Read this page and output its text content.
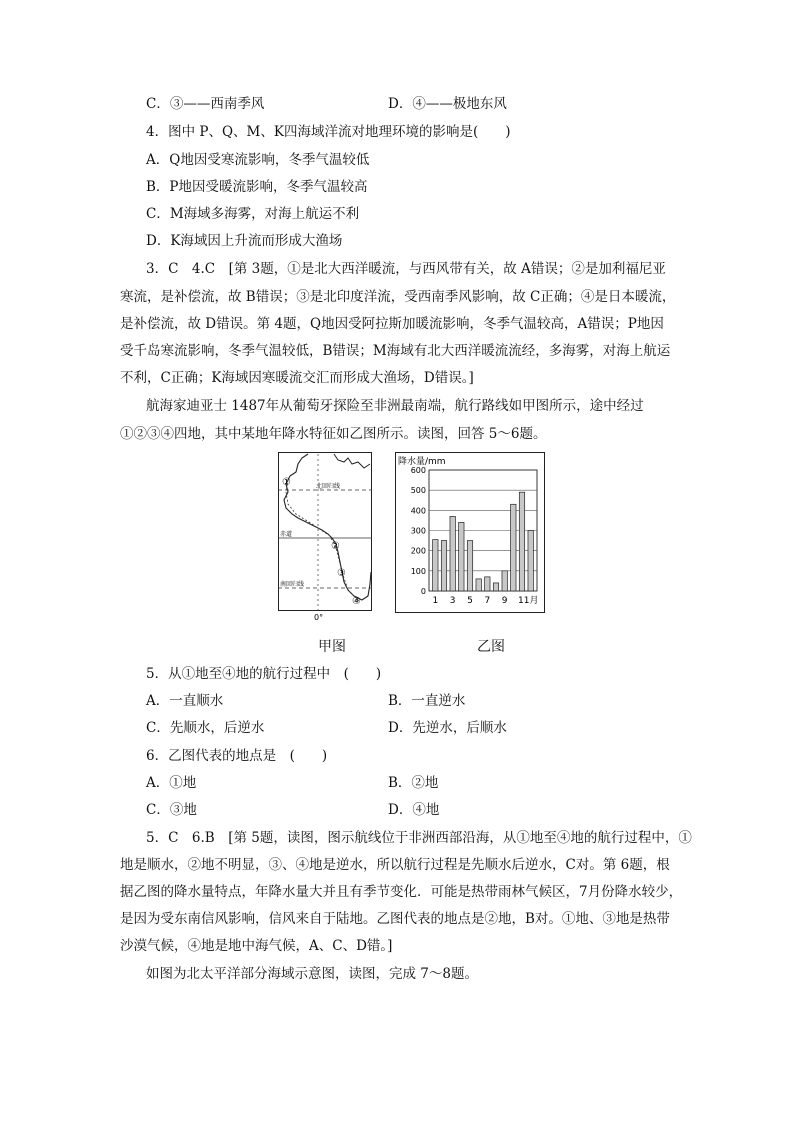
C．③——西南季风	D．④——极地东风
4．图中 P、Q、M、K四海域洋流对地理环境的影响是(　　)
A．Q地因受寒流影响，冬季气温较低
B．P地因受暖流影响，冬季气温较高
C．M海域多海雾，对海上航运不利
D．K海域因上升流而形成大渔场
3．C　4.C　[第 3题，①是北大西洋暖流，与西风带有关，故 A错误；②是加利福尼亚
寒流，是补偿流，故 B错误；③是北印度洋流，受西南季风影响，故 C正确；④是日本暖流，
是补偿流，故 D错误。第 4题，Q地因受阿拉斯加暖流影响，冬季气温较高，A错误；P地因
受千岛寒流影响，冬季气温较低，B错误；M海域有北大西洋暖流流经，多海雾，对海上航运
不利，C正确；K海域因寒暖流交汇而形成大渔场，D错误。]
航海家迪亚士 1487年从葡萄牙探险至非洲最南端，航行路线如甲图所示，途中经过
①②③④四地，其中某地年降水特征如乙图所示。读图，回答 5～6题。
北回归线
赤道
南回归线
0°
①
②
③
④
降水量/mm
0
100
200
300
400
500
600
1 3 5 7 9 11月
甲图	乙图
5．从①地至④地的航行过程中　(　　)
A．一直顺水	B．一直逆水
C．先顺水，后逆水	D．先逆水，后顺水
6．乙图代表的地点是　(　　)
A．①地	B．②地
C．③地	D．④地
5．C　6.B　[第 5题，读图，图示航线位于非洲西部沿海，从①地至④地的航行过程中，①
地是顺水，②地不明显，③、④地是逆水，所以航行过程是先顺水后逆水，C对。第 6题，根
据乙图的降水量特点，年降水量大并且有季节变化．可能是热带雨林气候区，7月份降水较少，
是因为受东南信风影响，信风来自于陆地。乙图代表的地点是②地，B对。①地、③地是热带
沙漠气候，④地是地中海气候，A、C、D错。]
如图为北太平洋部分海域示意图，读图，完成 7～8题。
